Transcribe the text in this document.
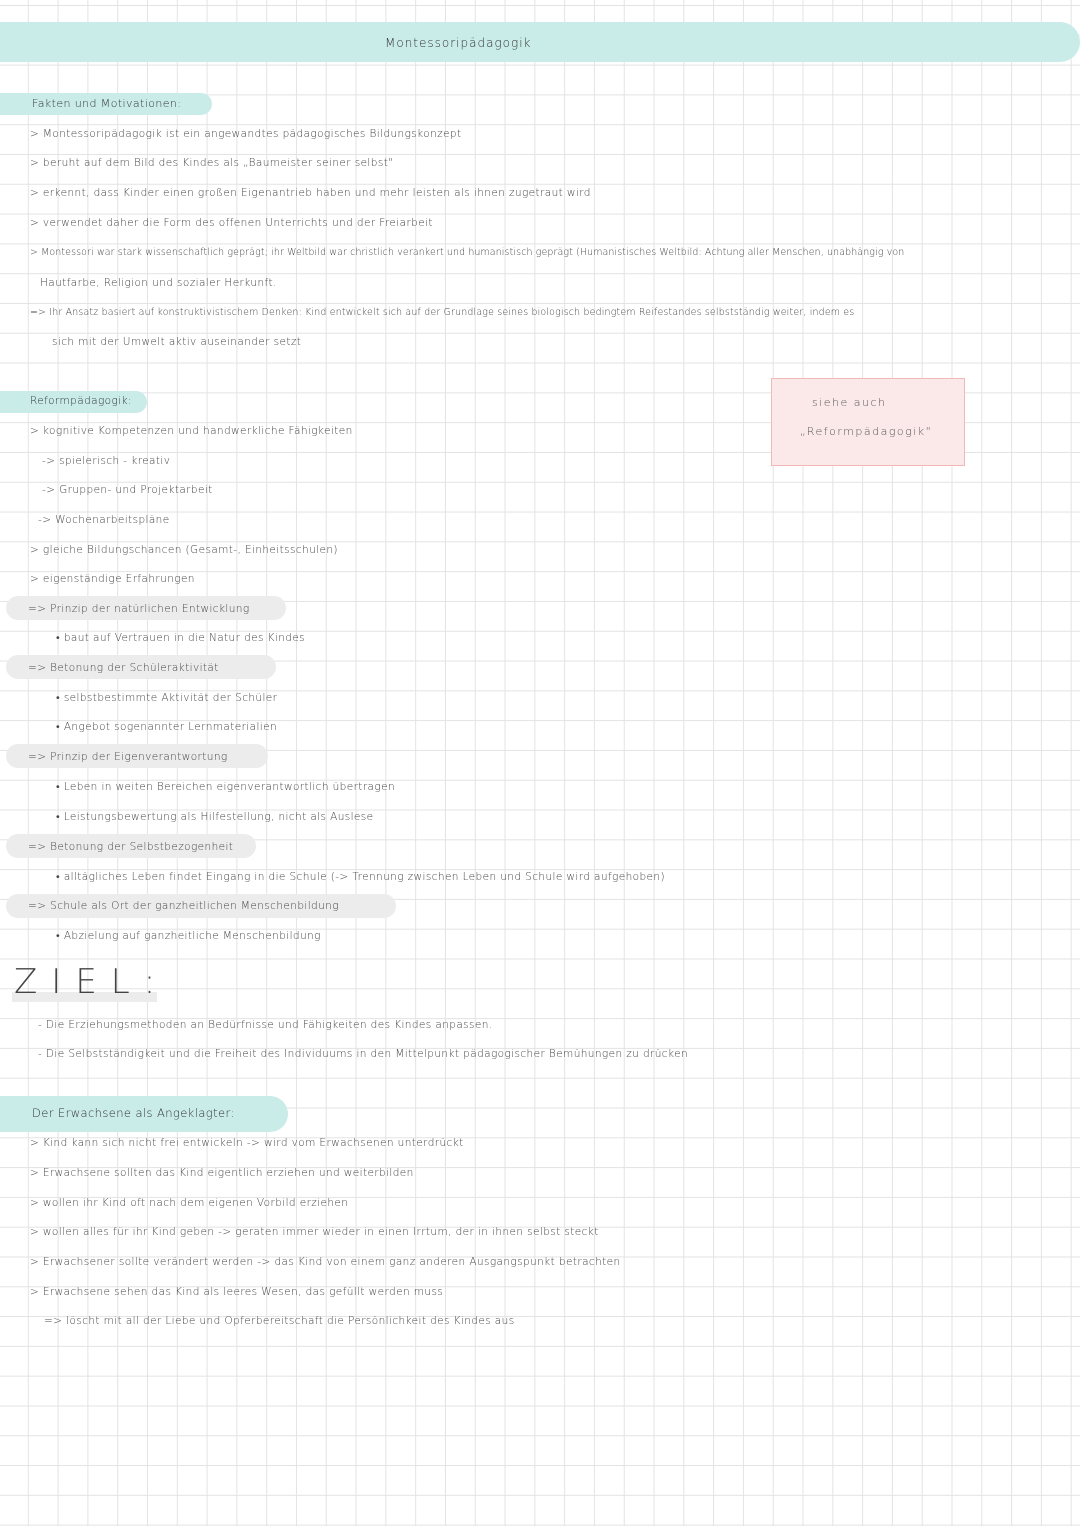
Montessoripädagogik
Fakten und Motivationen:
> Montessoripädagogik ist ein angewandtes pädagogisches Bildungskonzept
> beruht auf dem Bild des Kindes als „Baumeister seiner selbst"
> erkennt, dass Kinder einen großen Eigenantrieb haben und mehr leisten als ihnen zugetraut wird
> verwendet daher die Form des offenen Unterrichts und der Freiarbeit
> Montessori war stark wissenschaftlich geprägt; ihr Weltbild war christlich verankert und humanistisch geprägt (Humanistisches Weltbild: Achtung aller Menschen, unabhängig von
Hautfarbe, Religion und sozialer Herkunft.
=> Ihr Ansatz basiert auf konstruktivistischem Denken: Kind entwickelt sich auf der Grundlage seines biologisch bedingtem Reifestandes selbstständig weiter, indem es
sich mit der Umwelt aktiv auseinander setzt
siehe auch
„Reformpädagogik"
Reformpädagogik:
> kognitive Kompetenzen und handwerkliche Fähigkeiten
-> spielerisch - kreativ
-> Gruppen- und Projektarbeit
-> Wochenarbeitspläne
> gleiche Bildungschancen (Gesamt-, Einheitsschulen)
> eigenständige Erfahrungen
=> Prinzip der natürlichen Entwicklung
• baut auf Vertrauen in die Natur des Kindes
=> Betonung der Schüleraktivität
• selbstbestimmte Aktivität der Schüler
• Angebot sogenannter Lernmaterialien
=> Prinzip der Eigenverantwortung
• Leben in weiten Bereichen eigenverantwortlich übertragen
• Leistungsbewertung als Hilfestellung, nicht als Auslese
=> Betonung der Selbstbezogenheit
• alltägliches Leben findet Eingang in die Schule (-> Trennung zwischen Leben und Schule wird aufgehoben)
=> Schule als Ort der ganzheitlichen Menschenbildung
• Abzielung auf ganzheitliche Menschenbildung
ZIEL:
- Die Erziehungsmethoden an Bedürfnisse und Fähigkeiten des Kindes anpassen.
- Die Selbstständigkeit und die Freiheit des Individuums in den Mittelpunkt pädagogischer Bemühungen zu drücken
Der Erwachsene als Angeklagter:
> Kind kann sich nicht frei entwickeln -> wird vom Erwachsenen unterdrückt
> Erwachsene sollten das Kind eigentlich erziehen und weiterbilden
> wollen ihr Kind oft nach dem eigenen Vorbild erziehen
> wollen alles für ihr Kind geben -> geraten immer wieder in einen Irrtum, der in ihnen selbst steckt
> Erwachsener sollte verändert werden -> das Kind von einem ganz anderen Ausgangspunkt betrachten
> Erwachsene sehen das Kind als leeres Wesen, das gefüllt werden muss
=> löscht mit all der Liebe und Opferbereitschaft die Persönlichkeit des Kindes aus
